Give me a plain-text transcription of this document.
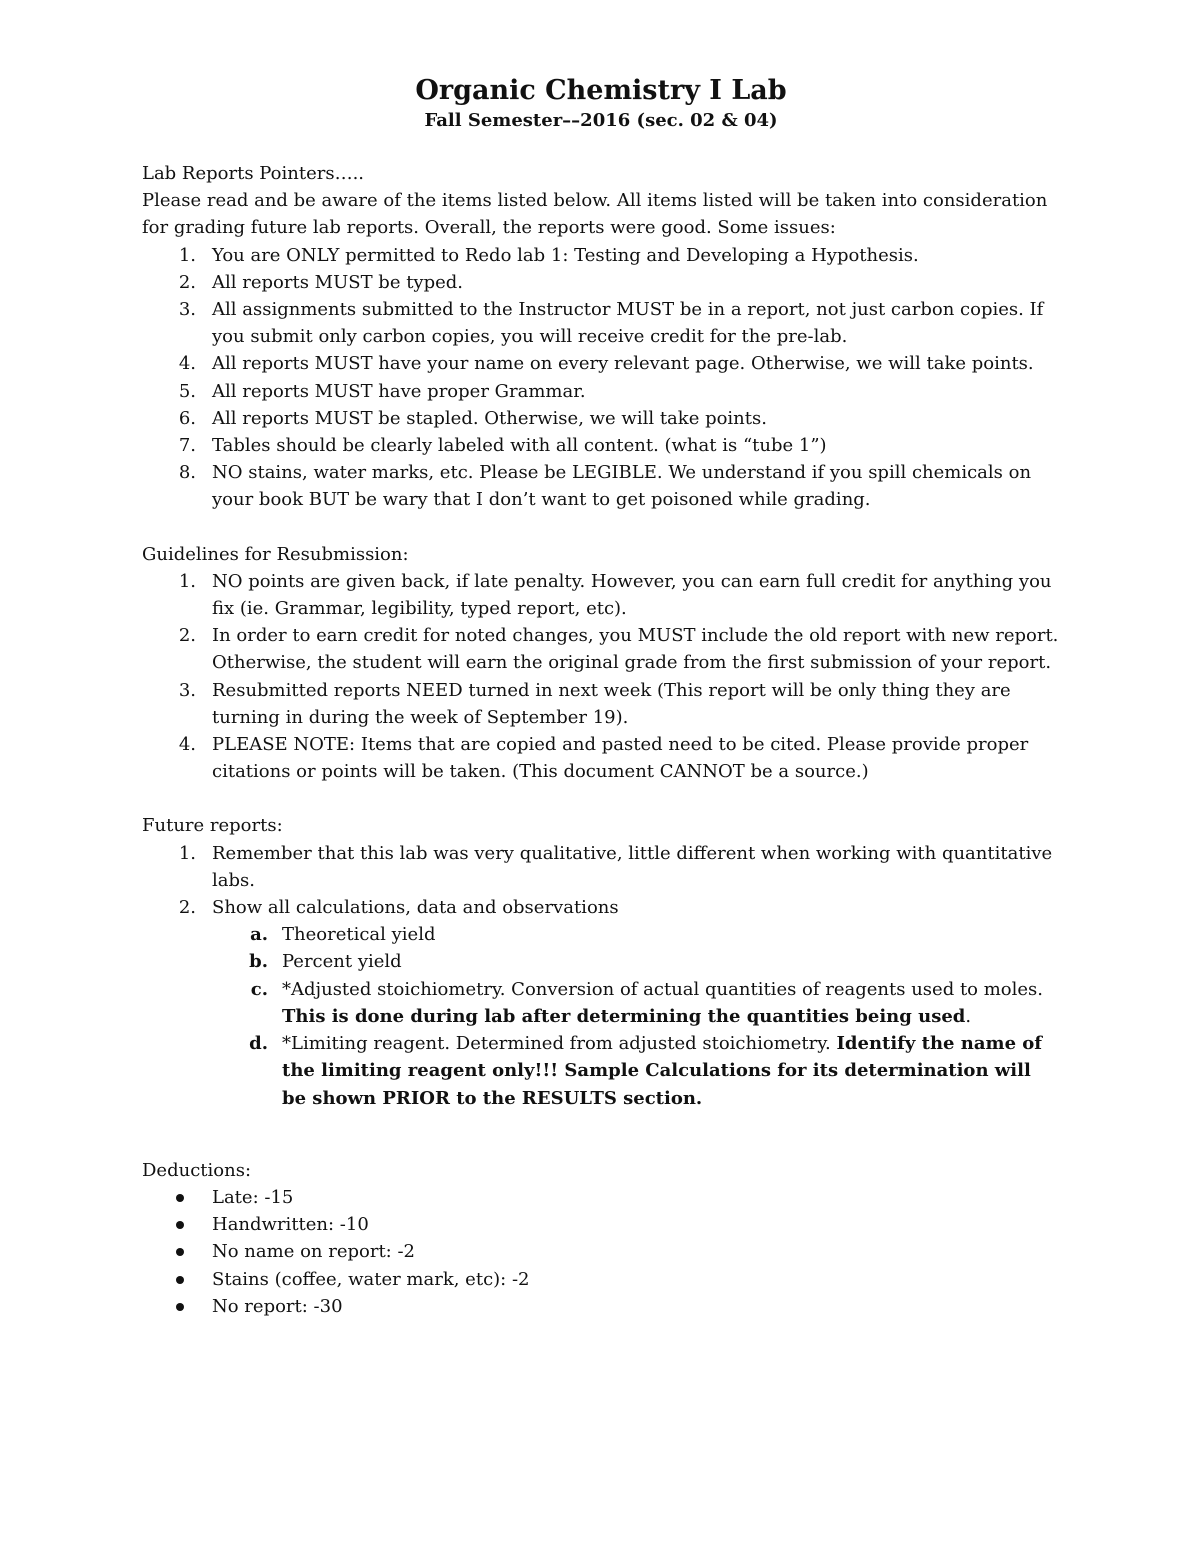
Organic Chemistry I Lab
Fall Semester––2016 (sec. 02 & 04)

Lab Reports Pointers…..

Please read and be aware of the items listed below. All items listed will be taken into consideration for grading future lab reports. Overall, the reports were good. Some issues:

1. You are ONLY permitted to Redo lab 1: Testing and Developing a Hypothesis.
2. All reports MUST be typed.
3. All assignments submitted to the Instructor MUST be in a report, not just carbon copies. If you submit only carbon copies, you will receive credit for the pre-lab.
4. All reports MUST have your name on every relevant page. Otherwise, we will take points.
5. All reports MUST have proper Grammar.
6. All reports MUST be stapled. Otherwise, we will take points.
7. Tables should be clearly labeled with all content. (what is “tube 1”)
8. NO stains, water marks, etc. Please be LEGIBLE. We understand if you spill chemicals on your book BUT be wary that I don’t want to get poisoned while grading.

Guidelines for Resubmission:

1. NO points are given back, if late penalty. However, you can earn full credit for anything you fix (ie. Grammar, legibility, typed report, etc).
2. In order to earn credit for noted changes, you MUST include the old report with new report. Otherwise, the student will earn the original grade from the first submission of your report.
3. Resubmitted reports NEED turned in next week (This report will be only thing they are turning in during the week of September 19).
4. PLEASE NOTE: Items that are copied and pasted need to be cited. Please provide proper citations or points will be taken. (This document CANNOT be a source.)

Future reports:

1. Remember that this lab was very qualitative, little different when working with quantitative labs.
2. Show all calculations, data and observations
a. Theoretical yield
b. Percent yield
c. *Adjusted stoichiometry. Conversion of actual quantities of reagents used to moles. This is done during lab after determining the quantities being used.
d. *Limiting reagent. Determined from adjusted stoichiometry. Identify the name of the limiting reagent only!!! Sample Calculations for its determination will be shown PRIOR to the RESULTS section.

Deductions:

Late: -15
Handwritten: -10
No name on report: -2
Stains (coffee, water mark, etc): -2
No report: -30
